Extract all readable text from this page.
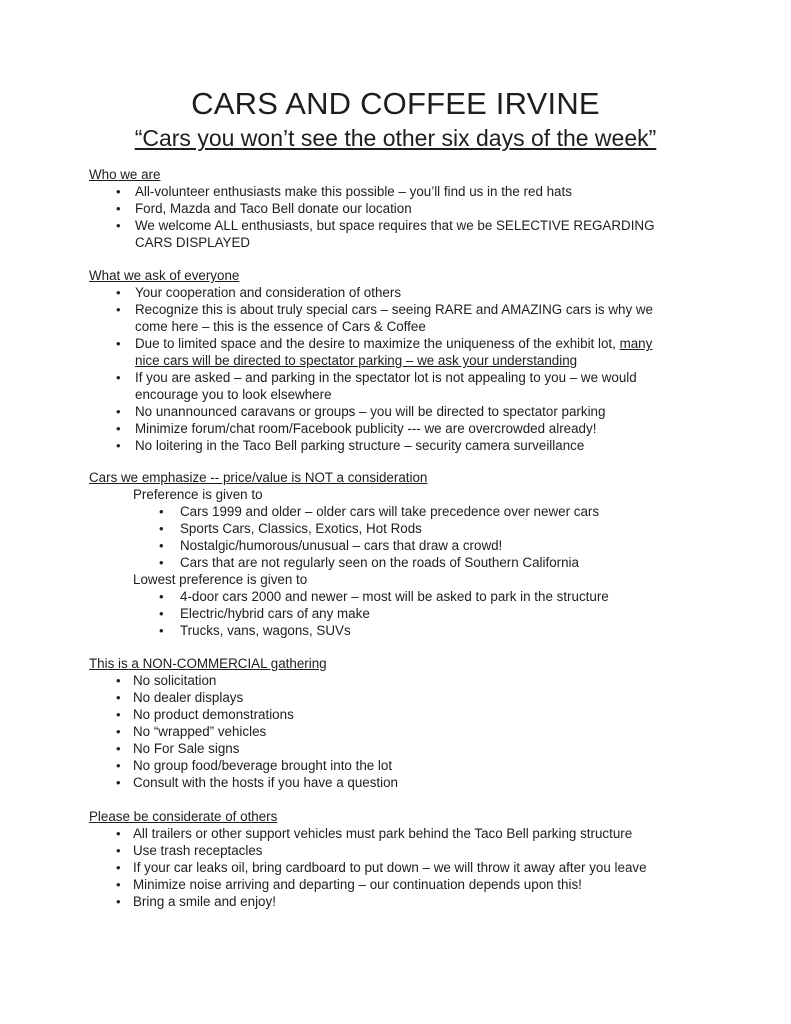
CARS AND COFFEE IRVINE
“Cars you won’t see the other six days of the week”
Who we are
• All-volunteer enthusiasts make this possible – you’ll find us in the red hats
• Ford, Mazda and Taco Bell donate our location
• We welcome ALL enthusiasts, but space requires that we be SELECTIVE REGARDING
CARS DISPLAYED
What we ask of everyone
• Your cooperation and consideration of others
• Recognize this is about truly special cars – seeing RARE and AMAZING cars is why we
come here – this is the essence of Cars & Coffee
• Due to limited space and the desire to maximize the uniqueness of the exhibit lot, many
nice cars will be directed to spectator parking – we ask your understanding
• If you are asked – and parking in the spectator lot is not appealing to you – we would
encourage you to look elsewhere
• No unannounced caravans or groups – you will be directed to spectator parking
• Minimize forum/chat room/Facebook publicity --- we are overcrowded already!
• No loitering in the Taco Bell parking structure – security camera surveillance
Cars we emphasize -- price/value is NOT a consideration
Preference is given to
• Cars 1999 and older – older cars will take precedence over newer cars
• Sports Cars, Classics, Exotics, Hot Rods
• Nostalgic/humorous/unusual – cars that draw a crowd!
• Cars that are not regularly seen on the roads of Southern California
Lowest preference is given to
• 4-door cars 2000 and newer – most will be asked to park in the structure
• Electric/hybrid cars of any make
• Trucks, vans, wagons, SUVs
This is a NON-COMMERCIAL gathering
• No solicitation
• No dealer displays
• No product demonstrations
• No “wrapped” vehicles
• No For Sale signs
• No group food/beverage brought into the lot
• Consult with the hosts if you have a question
Please be considerate of others
• All trailers or other support vehicles must park behind the Taco Bell parking structure
• Use trash receptacles
• If your car leaks oil, bring cardboard to put down – we will throw it away after you leave
• Minimize noise arriving and departing – our continuation depends upon this!
• Bring a smile and enjoy!
